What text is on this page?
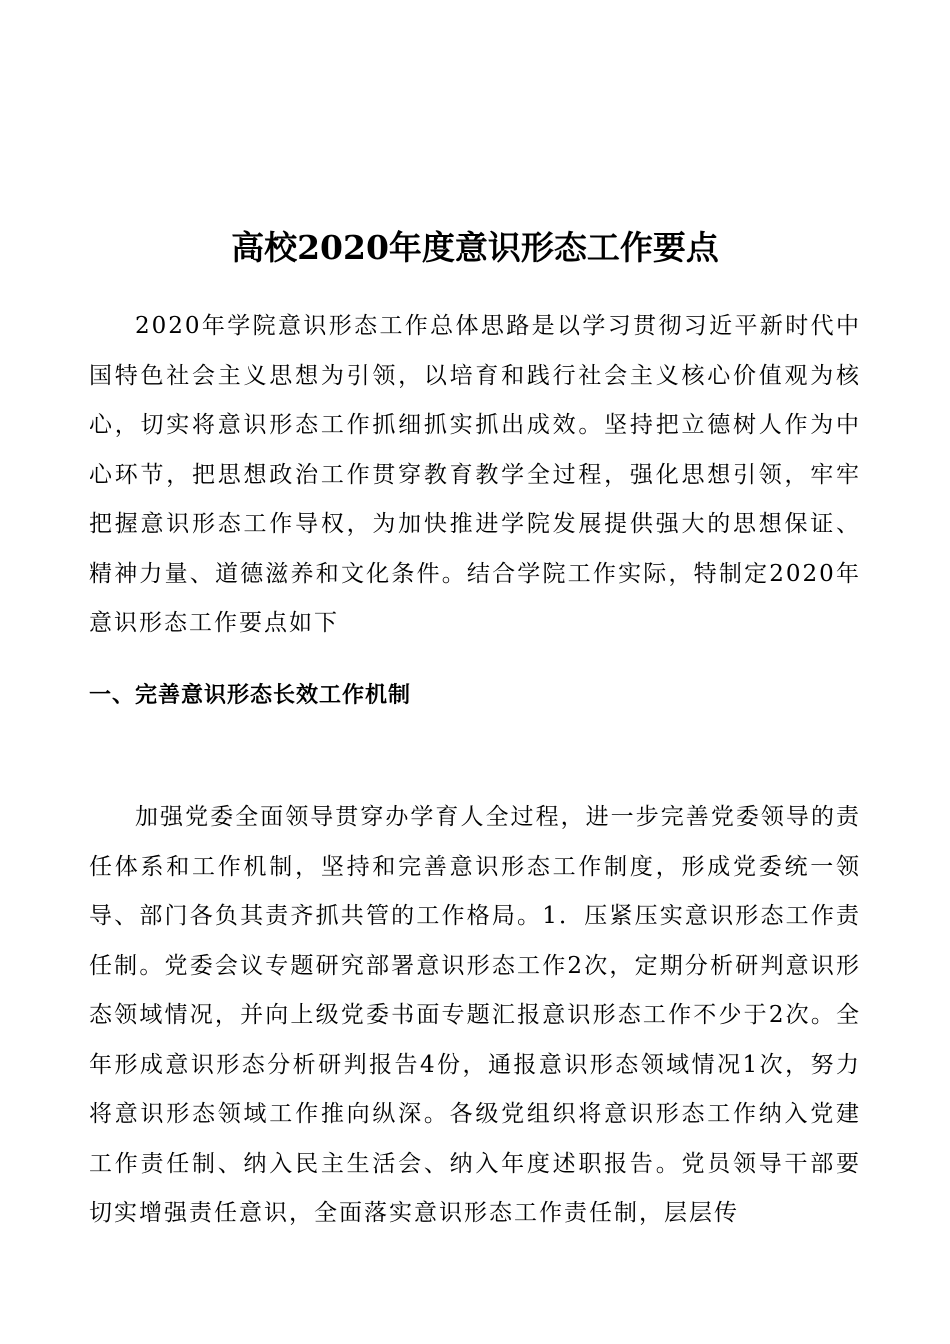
高校2020年度意识形态工作要点

2020年学院意识形态工作总体思路是以学习贯彻习近平新时代中国特色社会主义思想为引领，以培育和践行社会主义核心价值观为核心，切实将意识形态工作抓细抓实抓出成效。坚持把立德树人作为中心环节，把思想政治工作贯穿教育教学全过程，强化思想引领，牢牢把握意识形态工作导权，为加快推进学院发展提供强大的思想保证、精神力量、道德滋养和文化条件。结合学院工作实际，特制定2020年意识形态工作要点如下

一、完善意识形态长效工作机制

加强党委全面领导贯穿办学育人全过程，进一步完善党委领导的责任体系和工作机制，坚持和完善意识形态工作制度，形成党委统一领导、部门各负其责齐抓共管的工作格局。1．压紧压实意识形态工作责任制。党委会议专题研究部署意识形态工作2次，定期分析研判意识形态领域情况，并向上级党委书面专题汇报意识形态工作不少于2次。全年形成意识形态分析研判报告4份，通报意识形态领域情况1次，努力将意识形态领域工作推向纵深。各级党组织将意识形态工作纳入党建工作责任制、纳入民主生活会、纳入年度述职报告。党员领导干部要切实增强责任意识，全面落实意识形态工作责任制，层层传
